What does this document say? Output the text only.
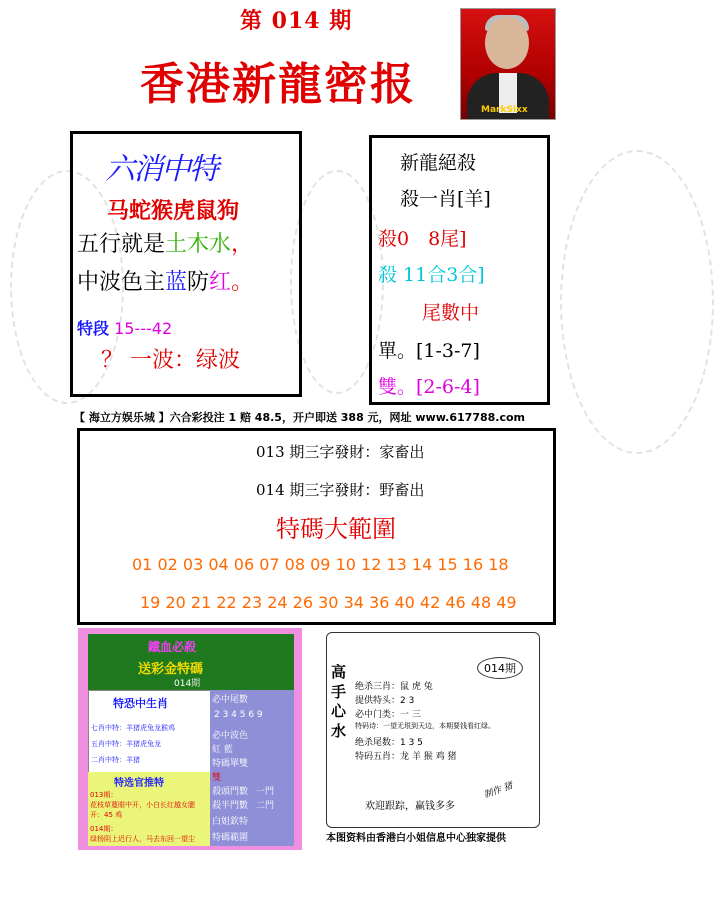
第 014 期
香港新龍密报	MarkSixx
六消中特
马蛇猴虎鼠狗
五行就是土木水，
中波色主蓝防红。
特段 15---42
？ 一波：绿波
新龍絕殺
殺一肖[羊]
殺0　8尾]
殺 11合3合]
尾數中
單。[1-3-7]
雙。[2-6-4]
【 海立方娱乐城 】六合彩投注 1 赔 48.5，开户即送 388 元，网址 www.617788.com
013 期三字發財：家畜出
014 期三字發財：野畜出
特碼大範圍
01 02 03 04 06 07 08 09 10 12 13 14 15 16 18
19 20 21 22 23 24 26 30 34 36 40 42 46 48 49
鐵血必殺
送彩金特碼
014期
特恐中生肖
七肖中特：羊猪虎兔龙猴鸡
五肖中特：羊猪虎兔龙
二肖中特：羊猪
必中尾數
2 3 4 5 6 9
必中波色
紅 藍
特碼單雙
雙
殺頭門數 一門
殺半門數 二門
白姐欽特
特碼範圍
特选官推特
013期：
花枝草蔓眼中开，小白长红越女腮
开：45 鸡
014期：
绿杨阴上迟行人，马去东回一望尘
高手心水
014期
绝杀三肖：鼠 虎 兔
提供特头：2 3
必中门类：一 三
特码诗：一望无垠到天边，本期要钱看红绿。
绝杀尾数：1 3 5
特码五肖：龙 羊 猴 鸡 猪
欢迎跟踪，赢钱多多
制作 猪
本图资料由香港白小姐信息中心独家提供
